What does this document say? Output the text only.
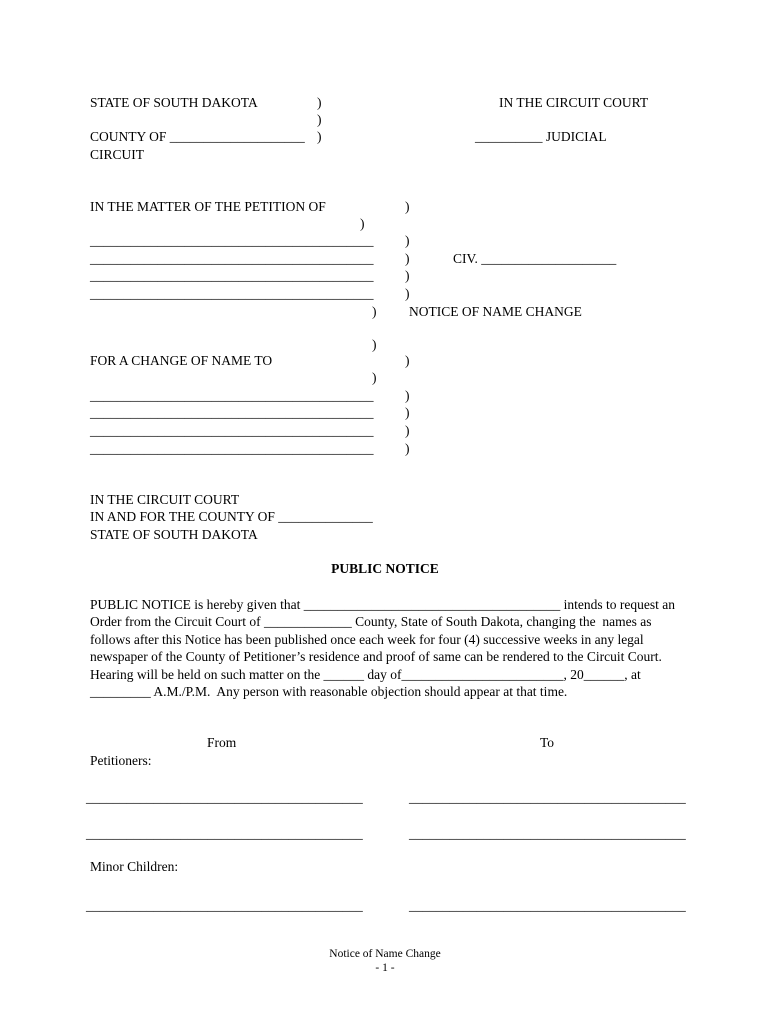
STATE OF SOUTH DAKOTA	)	IN THE CIRCUIT COURT
)
COUNTY OF ____________________ )	__________ JUDICIAL
CIRCUIT
IN THE MATTER OF THE PETITION OF	)
)
__________________________________________ )
__________________________________________ )	CIV. ____________________
__________________________________________ )
__________________________________________ )
) NOTICE OF NAME CHANGE
)
FOR A CHANGE OF NAME TO	)
)
__________________________________________ )
__________________________________________ )
__________________________________________ )
__________________________________________ )
IN THE CIRCUIT COURT
IN AND FOR THE COUNTY OF ______________
STATE OF SOUTH DAKOTA
PUBLIC NOTICE
PUBLIC NOTICE is hereby given that ______________________________________ intends to request an Order from the Circuit Court of _____________ County, State of South Dakota, changing the  names as follows after this Notice has been published once each week for four (4) successive weeks in any legal newspaper of the County of Petitioner’s residence and proof of same can be rendered to the Circuit Court.  Hearing will be held on such matter on the ______ day of________________________, 20______, at _________ A.M./P.M.  Any person with reasonable objection should appear at that time.
From	To
Petitioners:
_________________________________________	_________________________________________
_________________________________________	_________________________________________
Minor Children:
_________________________________________	_________________________________________
Notice of Name Change
- 1 -
